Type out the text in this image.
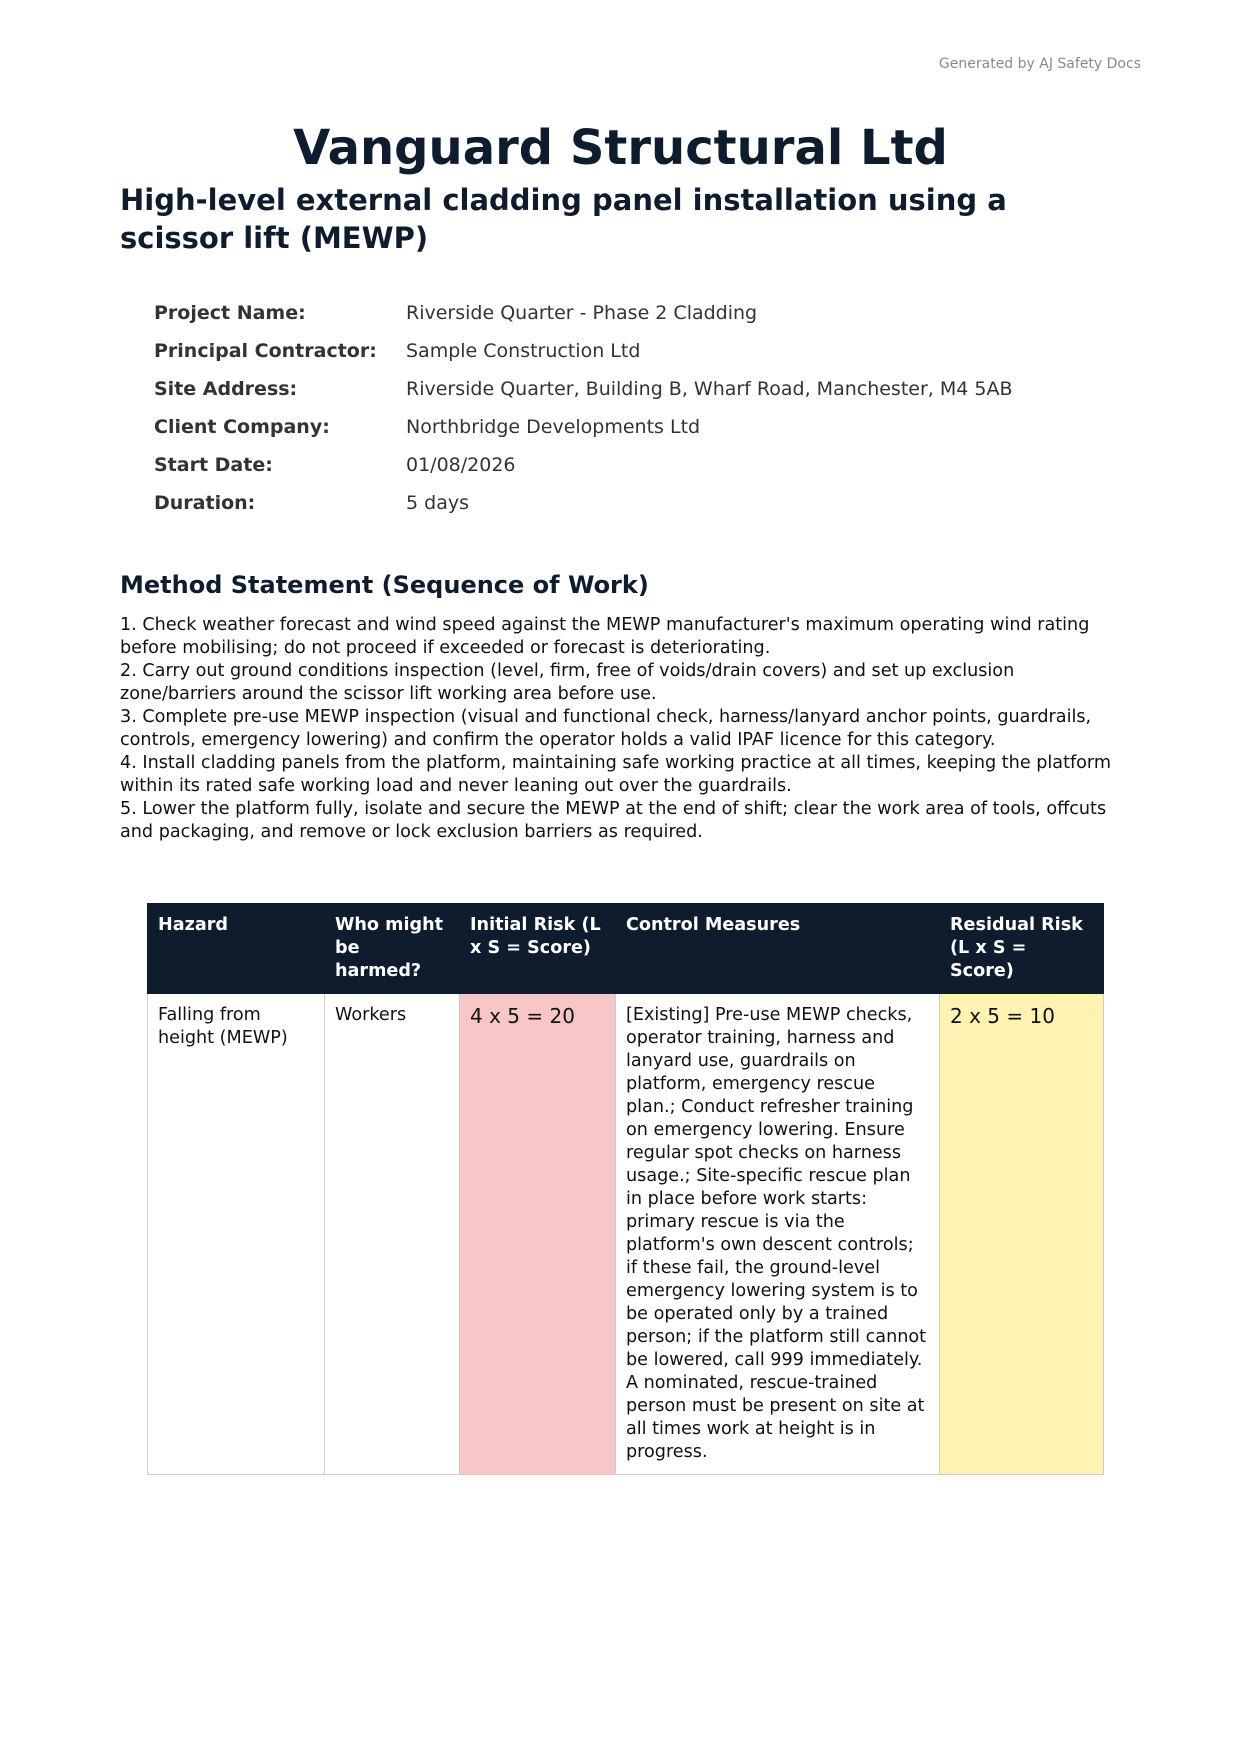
Generated by AJ Safety Docs
Vanguard Structural Ltd
High-level external cladding panel installation using a scissor lift (MEWP)
Project Name:	Riverside Quarter - Phase 2 Cladding
Principal Contractor:	Sample Construction Ltd
Site Address:	Riverside Quarter, Building B, Wharf Road, Manchester, M4 5AB
Client Company:	Northbridge Developments Ltd
Start Date:	01/08/2026
Duration:	5 days
Method Statement (Sequence of Work)

1. Check weather forecast and wind speed against the MEWP manufacturer's maximum operating wind rating before mobilising; do not proceed if exceeded or forecast is deteriorating.

2. Carry out ground conditions inspection (level, firm, free of voids/drain covers) and set up exclusion zone/barriers around the scissor lift working area before use.

3. Complete pre-use MEWP inspection (visual and functional check, harness/lanyard anchor points, guardrails, controls, emergency lowering) and confirm the operator holds a valid IPAF licence for this category.

4. Install cladding panels from the platform, maintaining safe working practice at all times, keeping the platform within its rated safe working load and never leaning out over the guardrails.

5. Lower the platform fully, isolate and secure the MEWP at the end of shift; clear the work area of tools, offcuts and packaging, and remove or lock exclusion barriers as required.

Hazard	Who might be harmed?	Initial Risk (L x S = Score)	Control Measures	Residual Risk (L x S = Score)
Falling from height (MEWP)	Workers	4 x 5 = 20	[Existing] Pre-use MEWP checks, operator training, harness and lanyard use, guardrails on platform, emergency rescue plan.; Conduct refresher training on emergency lowering. Ensure regular spot checks on harness usage.; Site-specific rescue plan in place before work starts: primary rescue is via the platform's own descent controls; if these fail, the ground-level emergency lowering system is to be operated only by a trained person; if the platform still cannot be lowered, call 999 immediately. A nominated, rescue-trained person must be present on site at all times work at height is in progress.	2 x 5 = 10
